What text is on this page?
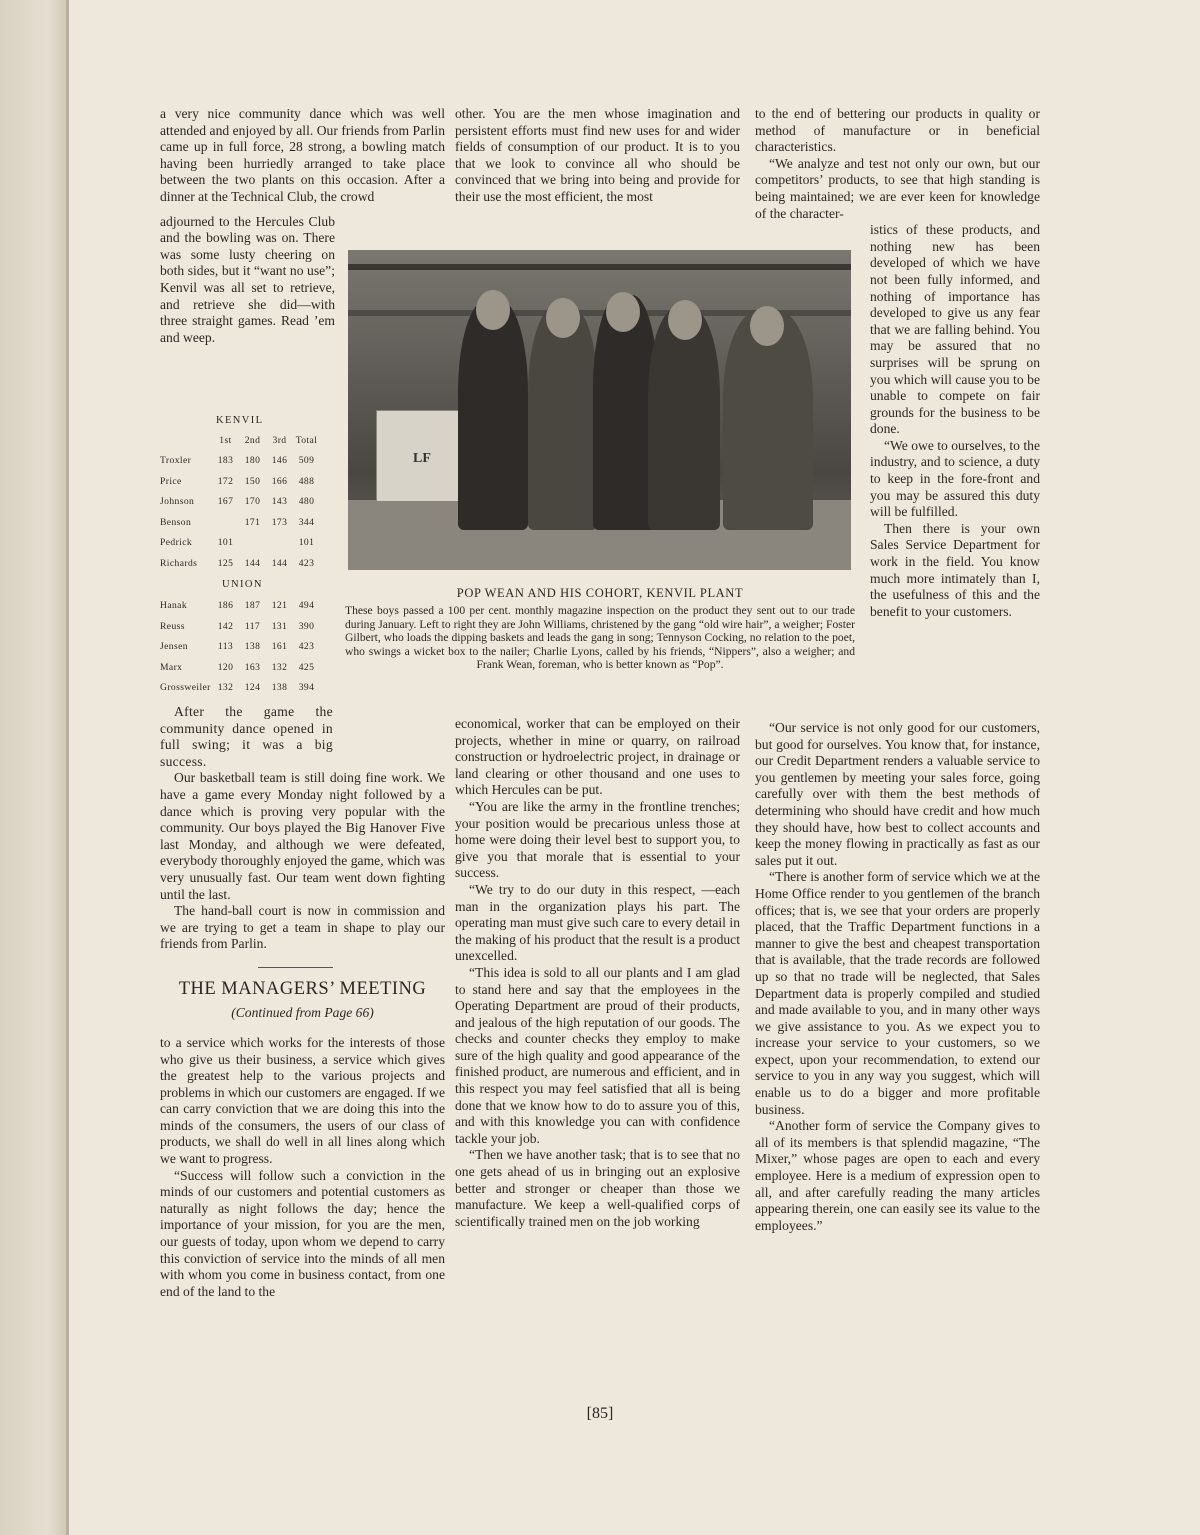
a very nice community dance which was well attended and enjoyed by all. Our friends from Parlin came up in full force, 28 strong, a bowling match having been hurriedly arranged to take place between the two plants on this occasion. After a dinner at the Technical Club, the crowd

adjourned to the Hercules Club and the bowling was on. There was some lusty cheering on both sides, but it “want no use”; Kenvil was all set to retrieve, and retrieve she did—with three straight games. Read ’em and weep.

KENVIL
	1st	2nd	3rd	Total
Troxler	183	180	146	509
Price	172	150	166	488
Johnson	167	170	143	480
Benson		171	173	344
Pedrick	101			101
Richards	125	144	144	423
UNION
Hanak	186	187	121	494
Reuss	142	117	131	390
Jensen	113	138	161	423
Marx	120	163	132	425
Grossweiler	132	124	138	394

After the game the community dance opened in full swing; it was a big success.

Our basketball team is still doing fine work. We have a game every Monday night followed by a dance which is proving very popular with the community. Our boys played the Big Hanover Five last Monday, and although we were defeated, everybody thoroughly enjoyed the game, which was very unusually fast. Our team went down fighting until the last.

The hand-ball court is now in commission and we are trying to get a team in shape to play our friends from Parlin.

THE MANAGERS’ MEETING
(Continued from Page 66)

to a service which works for the interests of those who give us their business, a service which gives the greatest help to the various projects and problems in which our customers are engaged. If we can carry conviction that we are doing this into the minds of the consumers, the users of our class of products, we shall do well in all lines along which we want to progress.

“Success will follow such a conviction in the minds of our customers and potential customers as naturally as night follows the day; hence the importance of your mission, for you are the men, our guests of today, upon whom we depend to carry this conviction of service into the minds of all men with whom you come in business contact, from one end of the land to the

other. You are the men whose imagination and persistent efforts must find new uses for and wider fields of consumption of our product. It is to you that we look to convince all who should be convinced that we bring into being and provide for their use the most efficient, the most

economical, worker that can be employed on their projects, whether in mine or quarry, on railroad construction or hydroelectric project, in drainage or land clearing or other thousand and one uses to which Hercules can be put.

“You are like the army in the frontline trenches; your position would be precarious unless those at home were doing their level best to support you, to give you that morale that is essential to your success.

“We try to do our duty in this respect, —each man in the organization plays his part. The operating man must give such care to every detail in the making of his product that the result is a product unexcelled.

“This idea is sold to all our plants and I am glad to stand here and say that the employees in the Operating Department are proud of their products, and jealous of the high reputation of our goods. The checks and counter checks they employ to make sure of the high quality and good appearance of the finished product, are numerous and efficient, and in this respect you may feel satisfied that all is being done that we know how to do to assure you of this, and with this knowledge you can with confidence tackle your job.

“Then we have another task; that is to see that no one gets ahead of us in bringing out an explosive better and stronger or cheaper than those we manufacture. We keep a well-qualified corps of scientifically trained men on the job working

to the end of bettering our products in quality or method of manufacture or in beneficial characteristics.

“We analyze and test not only our own, but our competitors’ products, to see that high standing is being maintained; we are ever keen for knowledge of the character-

istics of these products, and nothing new has been developed of which we have not been fully informed, and nothing of importance has developed to give us any fear that we are falling behind. You may be assured that no surprises will be sprung on you which will cause you to be unable to compete on fair grounds for the business to be done.

“We owe to ourselves, to the industry, and to science, a duty to keep in the fore-front and you may be assured this duty will be fulfilled.

Then there is your own Sales Service Department for work in the field. You know much more intimately than I, the usefulness of this and the benefit to your customers.

“Our service is not only good for our customers, but good for ourselves. You know that, for instance, our Credit Department renders a valuable service to you gentlemen by meeting your sales force, going carefully over with them the best methods of determining who should have credit and how much they should have, how best to collect accounts and keep the money flowing in practically as fast as our sales put it out.

“There is another form of service which we at the Home Office render to you gentlemen of the branch offices; that is, we see that your orders are properly placed, that the Traffic Department functions in a manner to give the best and cheapest transportation that is available, that the trade records are followed up so that no trade will be neglected, that Sales Department data is properly compiled and studied and made available to you, and in many other ways we give assistance to you. As we expect you to increase your service to your customers, so we expect, upon your recommendation, to extend our service to you in any way you suggest, which will enable us to do a bigger and more profitable business.

“Another form of service the Company gives to all of its members is that splendid magazine, “The Mixer,” whose pages are open to each and every employee. Here is a medium of expression open to all, and after carefully reading the many articles appearing therein, one can easily see its value to the employees.”

LF
POP WEAN AND HIS COHORT, KENVIL PLANT
These boys passed a 100 per cent. monthly magazine inspection on the product they sent out to our trade during January. Left to right they are John Williams, christened by the gang “old wire hair”, a weigher; Foster Gilbert, who loads the dipping baskets and leads the gang in song; Tennyson Cocking, no relation to the poet, who swings a wicket box to the nailer; Charlie Lyons, called by his friends, “Nippers”, also a weigher; and Frank Wean, foreman, who is better known as “Pop”.
[85]
